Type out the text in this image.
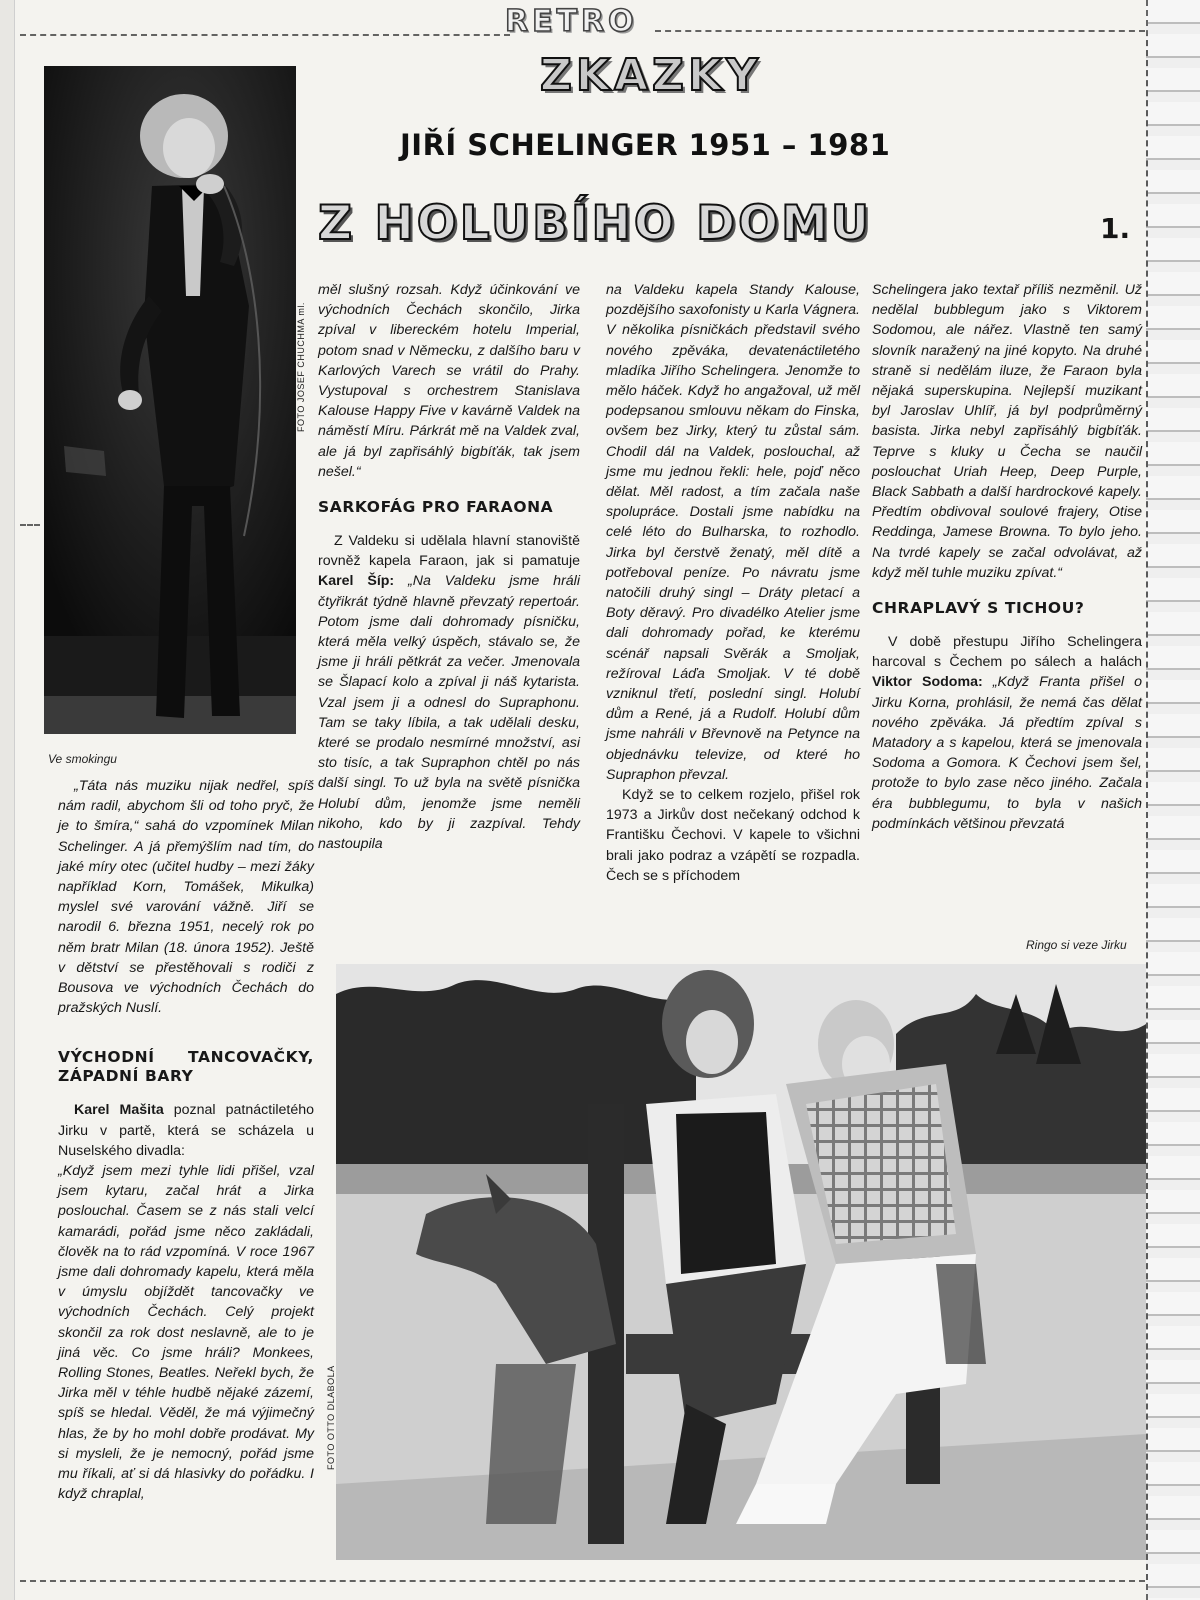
RETRO
ZKAZKY
JIŘÍ SCHELINGER 1951 – 1981
Z HOLUBÍHO DOMU	1.
FOTO JOSEF CHUCHMA ml.
Ve smokingu

„Táta nás muziku nijak nedřel, spíš nám radil, abychom šli od toho pryč, že je to šmíra,“ sahá do vzpomínek Milan Schelinger. A já přemýšlím nad tím, do jaké míry otec (učitel hudby – mezi žáky například Korn, Tomášek, Mikulka) myslel své varování vážně. Jiří se narodil 6. března 1951, necelý rok po něm bratr Milan (18. února 1952). Ještě v dětství se přestěhovali s rodiči z Bousova ve východních Čechách do pražských Nuslí.

VÝCHODNÍ TANCOVAČKY, ZÁPADNÍ BARY

Karel Mašita poznal patnáctiletého Jirku v partě, která se scházela u Nuselského divadla:

„Když jsem mezi tyhle lidi přišel, vzal jsem kytaru, začal hrát a Jirka poslouchal. Časem se z nás stali velcí kamarádi, pořád jsme něco zakládali, člověk na to rád vzpomíná. V roce 1967 jsme dali dohromady kapelu, která měla v úmyslu objíždět tancovačky ve východních Čechách. Celý projekt skončil za rok dost neslavně, ale to je jiná věc. Co jsme hráli? Monkees, Rolling Stones, Beatles. Neřekl bych, že Jirka měl v téhle hudbě nějaké zázemí, spíš se hledal. Věděl, že má výjimečný hlas, že by ho mohl dobře prodávat. My si mysleli, že je nemocný, pořád jsme mu říkali, ať si dá hlasivky do pořádku. I když chraplal,

měl slušný rozsah. Když účinkování ve východních Čechách skončilo, Jirka zpíval v libereckém hotelu Imperial, potom snad v Německu, z dalšího baru v Karlových Varech se vrátil do Prahy. Vystupoval s orchestrem Stanislava Kalouse Happy Five v kavárně Valdek na náměstí Míru. Párkrát mě na Valdek zval, ale já byl zapřisáhlý bigbíťák, tak jsem nešel.“

SARKOFÁG PRO FARAONA

Z Valdeku si udělala hlavní stanoviště rovněž kapela Faraon, jak si pamatuje Karel Šíp: „Na Valdeku jsme hráli čtyřikrát týdně hlavně převzatý repertoár. Potom jsme dali dohromady písničku, která měla velký úspěch, stávalo se, že jsme ji hráli pětkrát za večer. Jmenovala se Šlapací kolo a zpíval ji náš kytarista. Vzal jsem ji a odnesl do Supraphonu. Tam se taky líbila, a tak udělali desku, které se prodalo nesmírné množství, asi sto tisíc, a tak Supraphon chtěl po nás další singl. To už byla na světě písnička Holubí dům, jenomže jsme neměli nikoho, kdo by ji zazpíval. Tehdy nastoupila

na Valdeku kapela Standy Kalouse, pozdějšího saxofonisty u Karla Vágnera. V několika písničkách představil svého nového zpěváka, devatenáctiletého mladíka Jiřího Schelingera. Jenomže to mělo háček. Když ho angažoval, už měl podepsanou smlouvu někam do Finska, ovšem bez Jirky, který tu zůstal sám. Chodil dál na Valdek, poslouchal, až jsme mu jednou řekli: hele, pojď něco dělat. Měl radost, a tím začala naše spolupráce. Dostali jsme nabídku na celé léto do Bulharska, to rozhodlo. Jirka byl čerstvě ženatý, měl dítě a potřeboval peníze. Po návratu jsme natočili druhý singl – Dráty pletací a Boty děravý. Pro divadélko Atelier jsme dali dohromady pořad, ke kterému scénář napsali Svěrák a Smoljak, režíroval Láďa Smoljak. V té době vzniknul třetí, poslední singl. Holubí dům a René, já a Rudolf. Holubí dům jsme nahráli v Břevnově na Petynce na objednávku televize, od které ho Supraphon převzal.

Když se to celkem rozjelo, přišel rok 1973 a Jirkův dost nečekaný odchod k Františku Čechovi. V kapele to všichni brali jako podraz a vzápětí se rozpadla. Čech se s příchodem

Schelingera jako textař příliš nezměnil. Už nedělal bubblegum jako s Viktorem Sodomou, ale nářez. Vlastně ten samý slovník naražený na jiné kopyto. Na druhé straně si nedělám iluze, že Faraon byla nějaká superskupina. Nejlepší muzikant byl Jaroslav Uhlíř, já byl podprůměrný basista. Jirka nebyl zapřisáhlý bigbíťák. Teprve s kluky u Čecha se naučil poslouchat Uriah Heep, Deep Purple, Black Sabbath a další hardrockové kapely. Předtím obdivoval soulové frajery, Otise Reddinga, Jamese Browna. To bylo jeho. Na tvrdé kapely se začal odvolávat, až když měl tuhle muziku zpívat.“

CHRAPLAVÝ S TICHOU?

V době přestupu Jiřího Schelingera harcoval s Čechem po sálech a halách Viktor Sodoma: „Když Franta přišel o Jirku Korna, prohlásil, že nemá čas dělat nového zpěváka. Já předtím zpíval s Matadory a s kapelou, která se jmenovala Sodoma a Gomora. K Čechovi jsem šel, protože to bylo zase něco jiného. Začala éra bubblegumu, to byla v našich podmínkách většinou převzatá

Ringo si veze Jirku
FOTO OTTO DLABOLA
